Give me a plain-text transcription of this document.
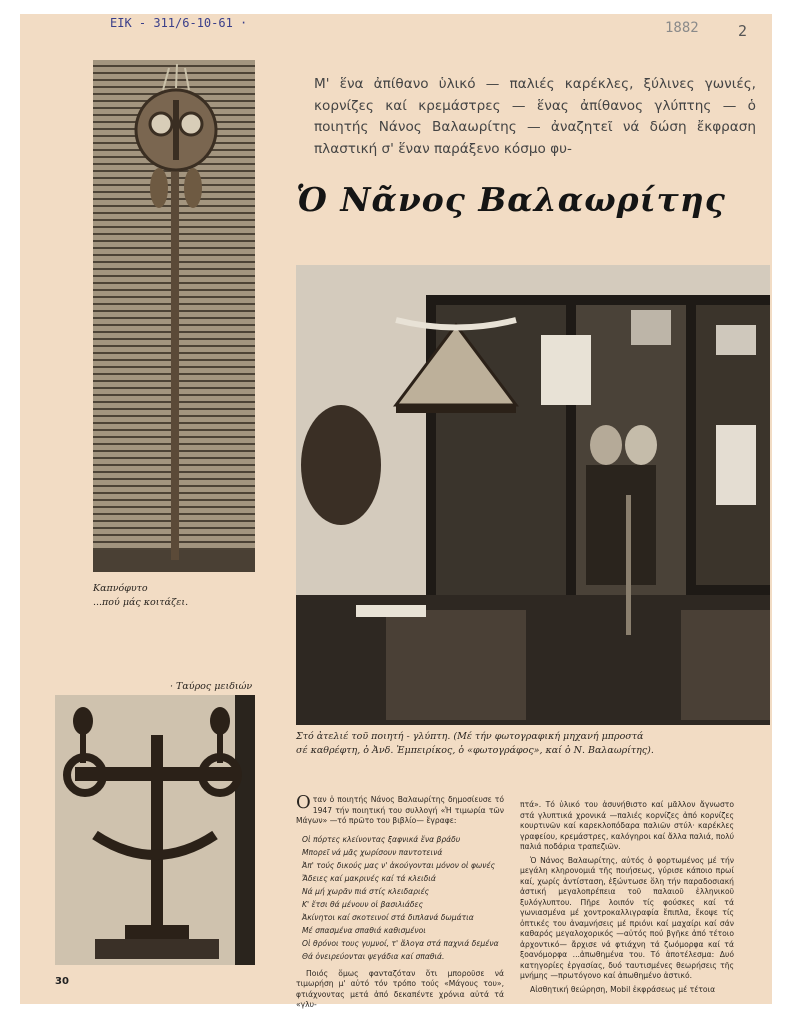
ΕΙΚ - 311/6-10-61 ·	1882	2
Καπνόφυτο
...πού μάς κοιτάζει.
· Ταύρος μειδιών
Μ' ἕνα ἀπίθανο ὑλικό — παλιές καρέκλες, ξύλινες γωνιές, κορνίζες καί κρεμάστρες — ἕνας ἀπίθανος γλύπτης — ὁ ποιητής Νάνος Βαλαωρίτης — ἀναζητεῖ νά δώση ἔκφραση πλαστική σ' ἕναν παράξενο κόσμο φυ-
Ὁ Νᾶνος Βαλαωρίτης
Στό ἀτελιέ τοῦ ποιητή - γλύπτη. (Μέ τήν φωτογραφική μηχανή μπροστά
σέ καθρέφτη, ὁ Ἀνδ. Ἐμπειρίκος, ὁ «φωτογράφος», καί ὁ Ν. Βαλαωρίτης).

Οταν ὁ ποιητής Νάνος Βαλαωρίτης δημοσίευσε τό 1947 τήν ποιητική του συλλογή «Ἡ τιμωρία τῶν Μάγων» —τό πρῶτο του βιβλίο— ἔγραφε:

Οἱ πόρτες κλείνοντας ξαφνικά ἕνα βράδυ
Μπορεῖ νά μᾶς χωρίσουν παντοτεινά
Ἀπ' τούς δικούς μας ν' ἀκούγονται μόνον οἱ φωνές
Ἄδειες καί μακρινές καί τά κλειδιά
Νά μή χωρᾶν πιά στίς κλειδαριές
Κ' ἔτσι θά μένουν οἱ βασιλιάδες
Ἀκίνητοι καί σκοτεινοί στά διπλανά δωμάτια
Μέ σπασμένα σπαθιά καθισμένοι
Οἱ θρόνοι τους γυμνοί, τ' ἄλογα στά παχνιά δεμένα
Θά ὀνειρεύονται ψεγάδια καί σπαθιά.

Ποιός ὅμως φανταζόταν ὅτι μποροῦσε νά τιμωρήση μ' αὐτό τόν τρόπο τούς «Μάγους του», φτιάχνοντας μετά ἀπό δεκαπέντε χρόνια αὐτά τά «γλυ-

πτά». Τό ὑλικό του ἀσυνήθιστο καί μᾶλλον ἄγνωστο στά γλυπτικά χρονικά —παλιές κορνίζες ἀπό κορνίζες κουρτινῶν καί καρεκλοπόδαρα παλιῶν στύλ· καρέκλες γραφείου, κρεμάστρες, καλόγηροι καί ἄλλα παλιά, πολύ παλιά ποδάρια τραπεζιῶν.

Ὁ Νάνος Βαλαωρίτης, αὐτός ὁ φορτωμένος μέ τήν μεγάλη κληρονομιά τῆς ποιήσεως, γύρισε κάποιο πρωί καί, χωρίς ἀντίσταση, ἐξώντωσε ὅλη τήν παραδοσιακή ἀστική μεγαλοπρέπεια τοῦ παλαιοῦ ἑλληνικοῦ ξυλόγλυπτου. Πῆρε λοιπόν τίς φούσκες καί τά γωνιασμένα μέ χοντροκαλλιγραφία ἔπιπλα, ἔκοψε τίς ὀπτικές του ἀναμνήσεις μέ πριόνι καί μαχαίρι καί σάν καθαρός μεγαλοχορικός —αὐτός πού βγῆκε ἀπό τέτοιο ἀρχοντικό— ἄρχισε νά φτιάχνη τά ζωόμορφα καί τά ξοανόμορφα ...ἀπωθημένα του. Τό ἀποτέλεσμα: Δυό κατηγορίες ἐργασίας, δυό ταυτισμένες θεωρήσεις τῆς μνήμης —πρωτόγονο καί ἀπωθημένο ἀστικό.

Αἰσθητική θεώρηση, Mobil ἐκφράσεως μέ τέτοια

30
